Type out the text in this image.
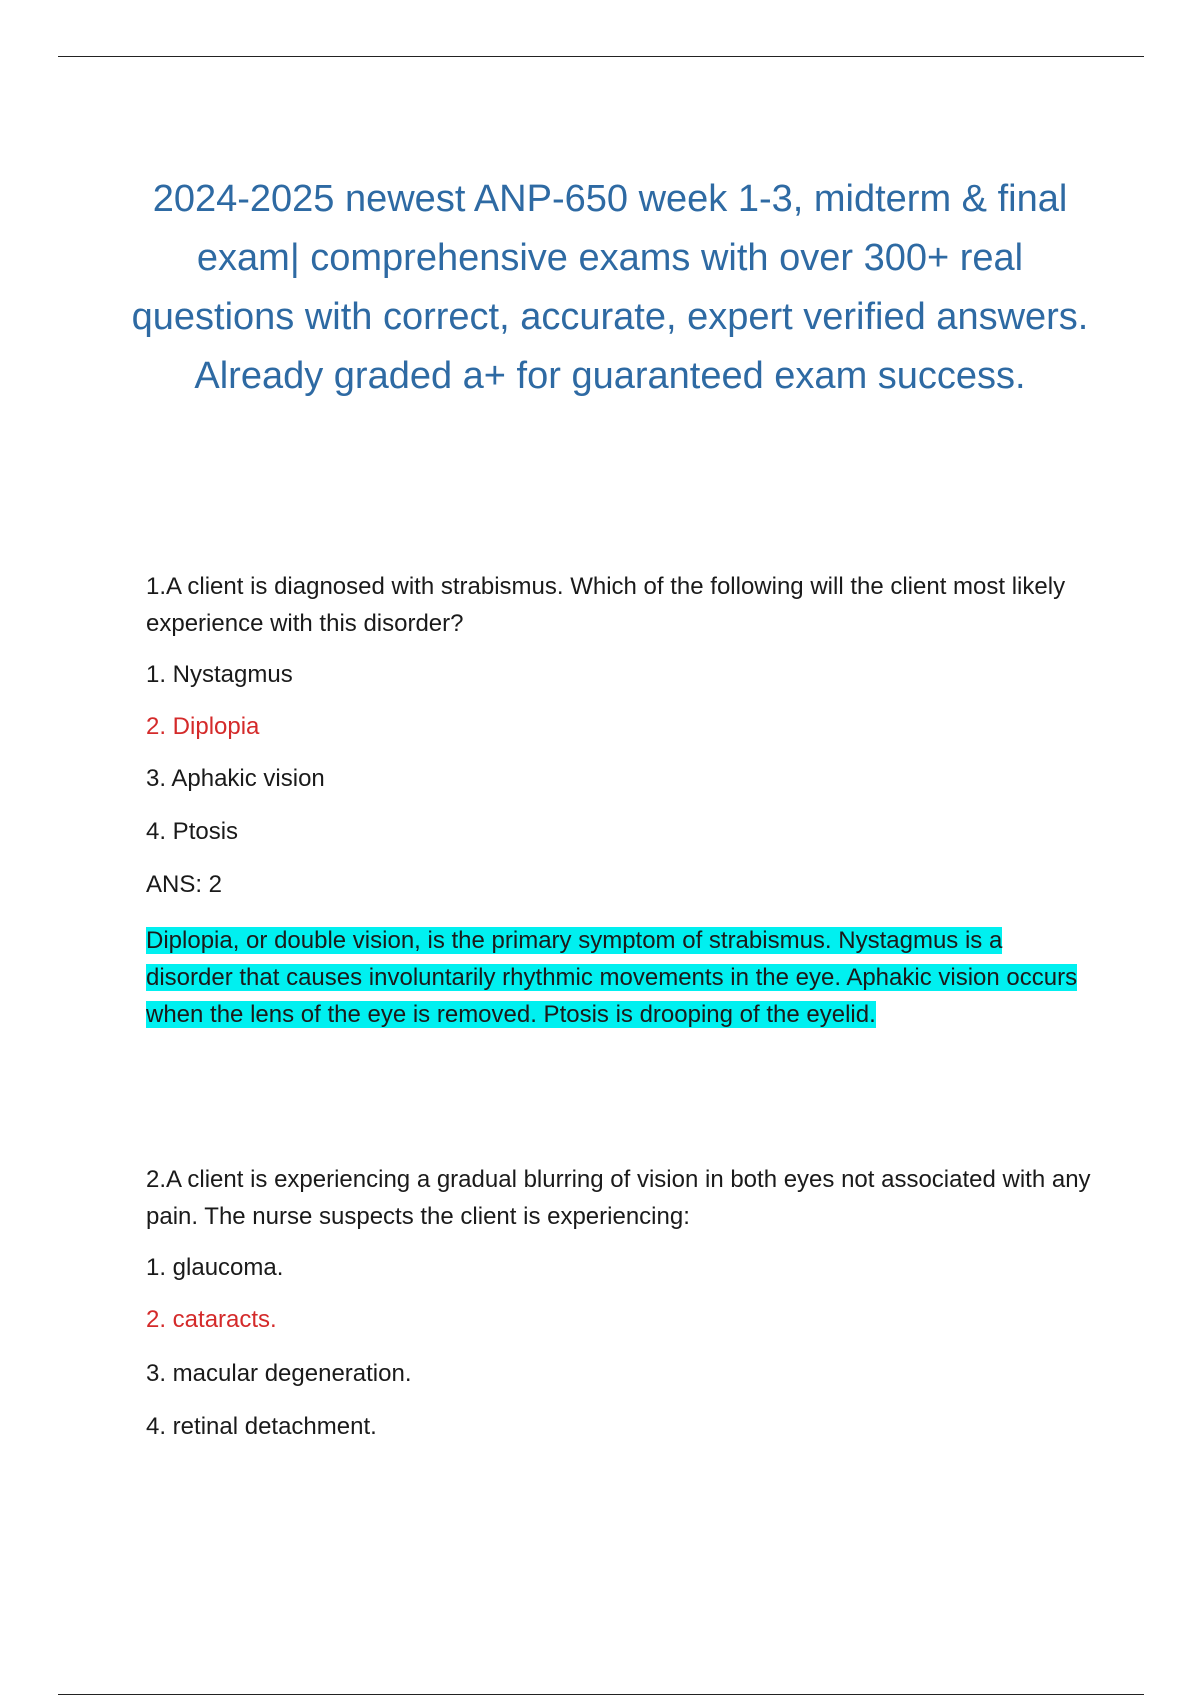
2024-2025 newest ANP-650 week 1-3, midterm & final exam| comprehensive exams with over 300+ real questions with correct, accurate, expert verified answers. Already graded a+ for guaranteed exam success.

1.A client is diagnosed with strabismus. Which of the following will the client most likely experience with this disorder?

1. Nystagmus

2. Diplopia

3. Aphakic vision

4. Ptosis

ANS: 2

Diplopia, or double vision, is the primary symptom of strabismus. Nystagmus is a disorder that causes involuntarily rhythmic movements in the eye. Aphakic vision occurs when the lens of the eye is removed. Ptosis is drooping of the eyelid.

2.A client is experiencing a gradual blurring of vision in both eyes not associated with any pain. The nurse suspects the client is experiencing:

1. glaucoma.

2. cataracts.

3. macular degeneration.

4. retinal detachment.
